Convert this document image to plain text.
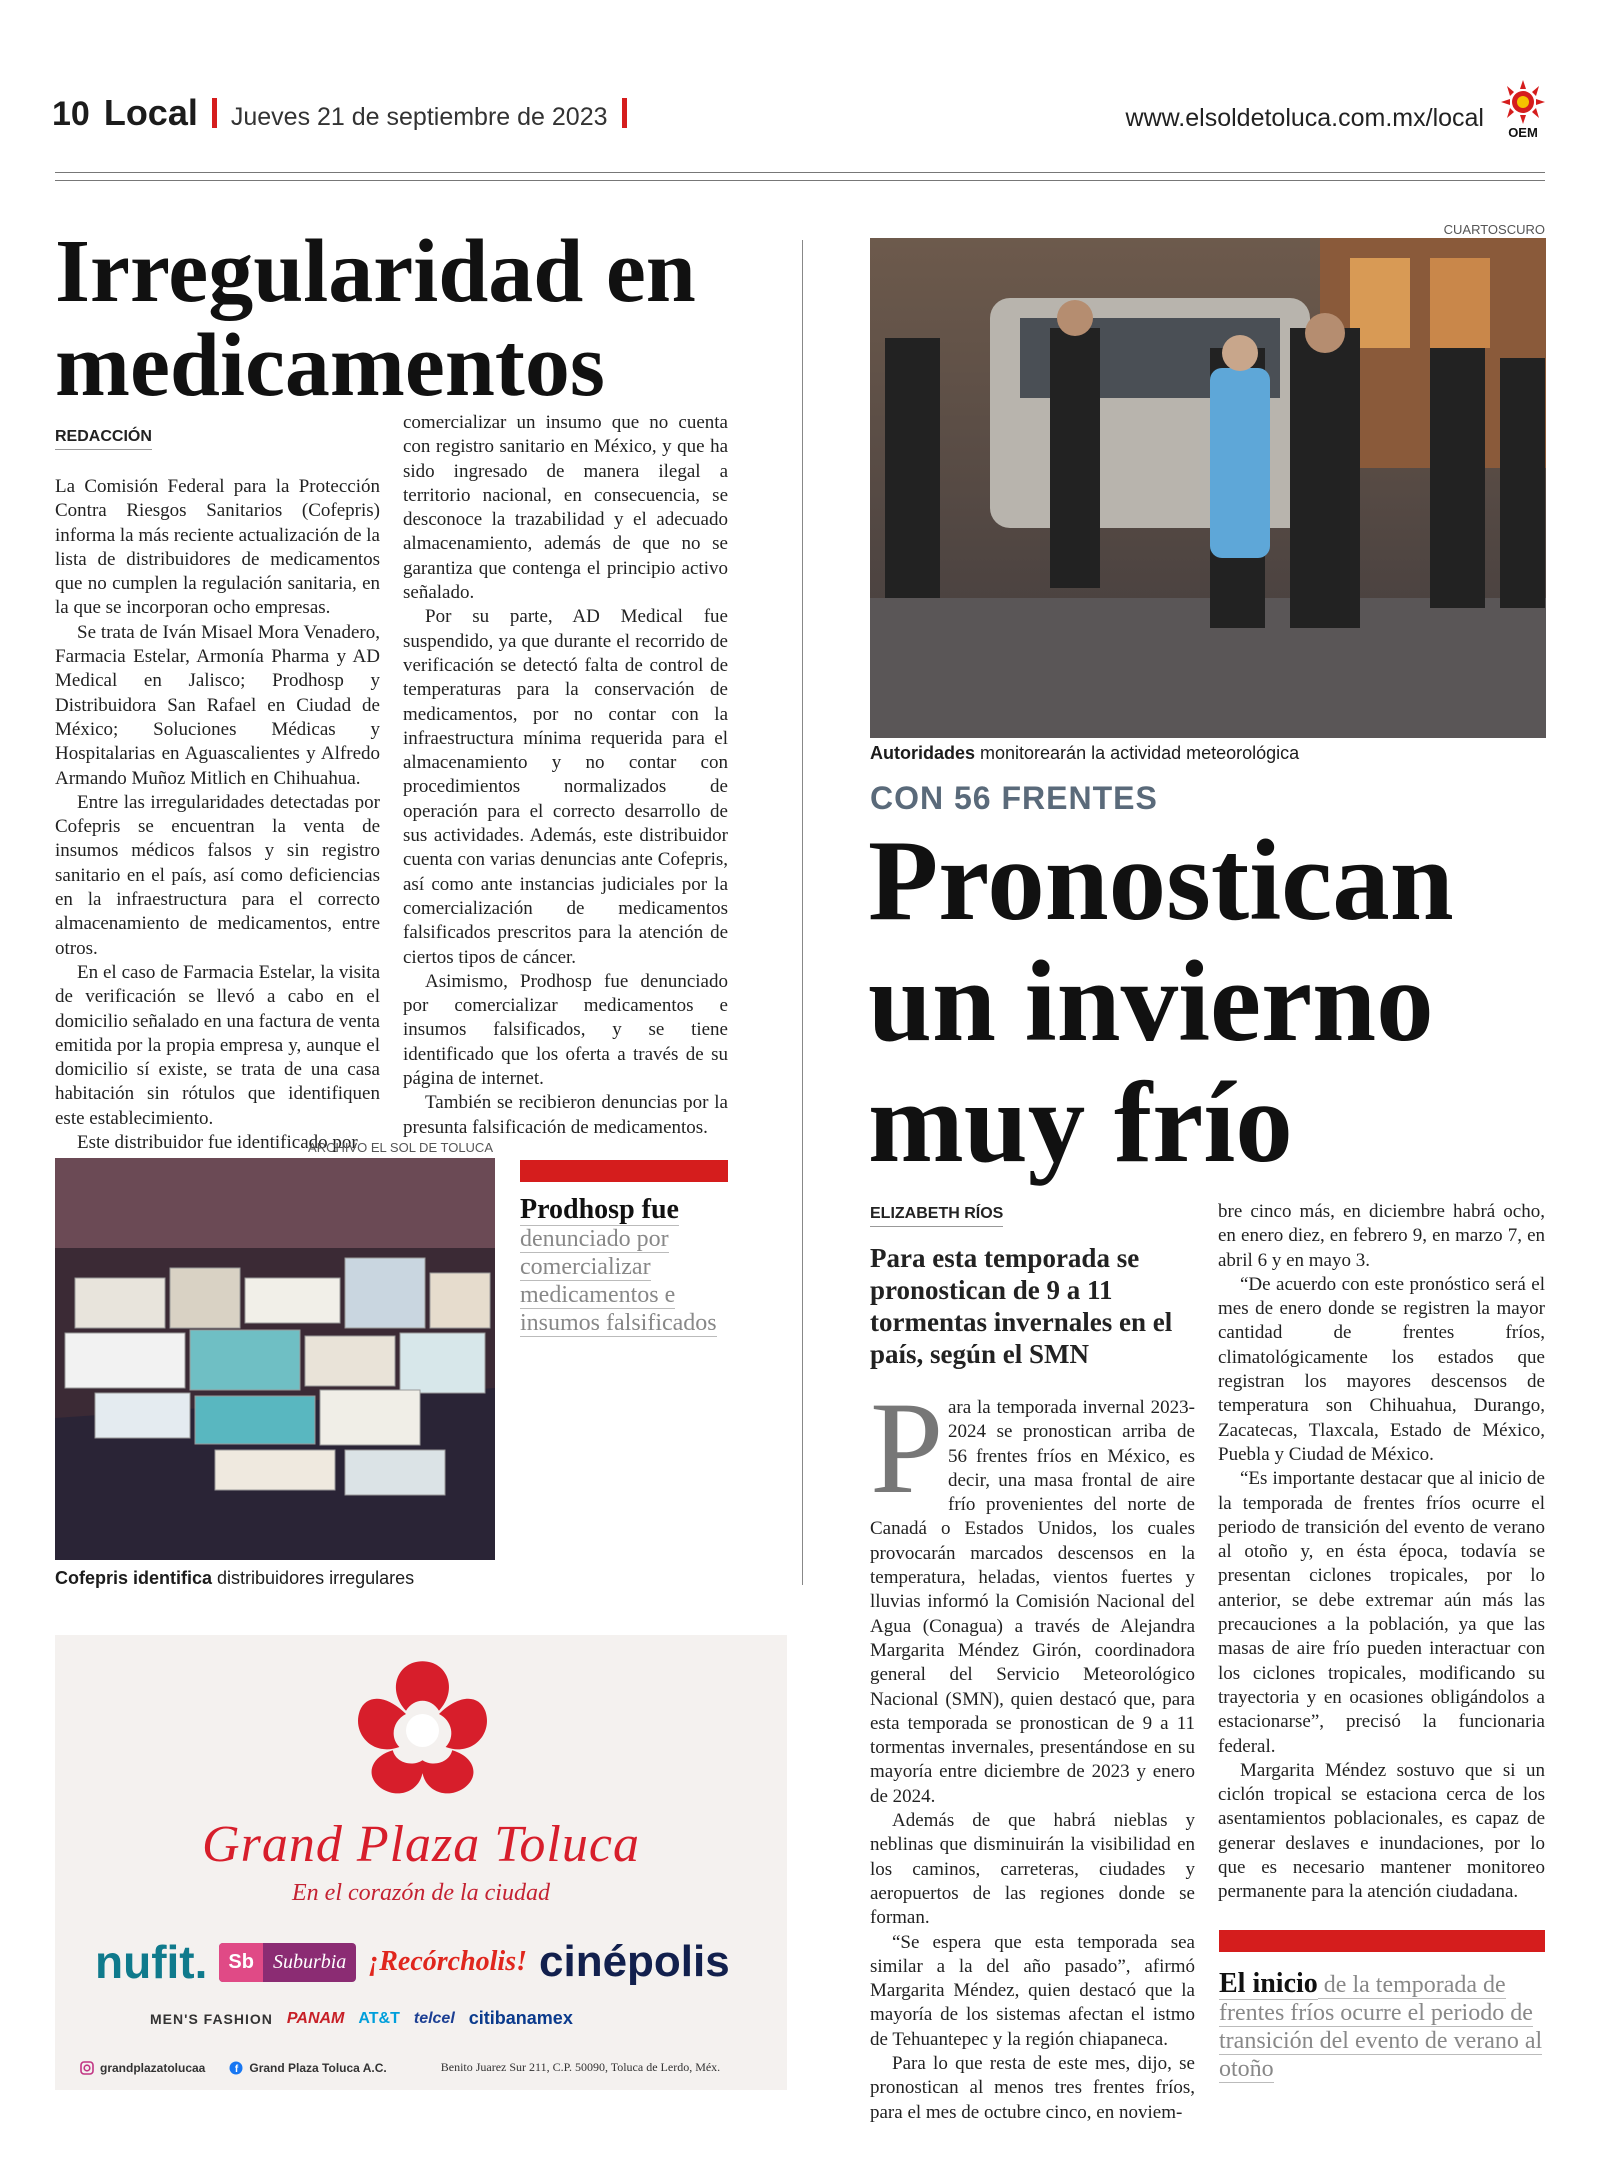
10 Local Jueves 21 de septiembre de 2023	www.elsoldetoluca.com.mx/local
OEM
Irregularidad en medicamentos
REDACCIÓN

La Comisión Federal para la Protección Contra Riesgos Sanitarios (Cofepris) informa la más reciente actualización de la lista de distribuidores de medicamentos que no cumplen la regulación sanitaria, en la que se incorporan ocho empresas.

Se trata de Iván Misael Mora Venadero, Farmacia Estelar, Armonía Pharma y AD Medical en Jalisco; Prodhosp y Distribuidora San Rafael en Ciudad de México; Soluciones Médicas y Hospitalarias en Aguascalientes y Alfredo Armando Muñoz Mitlich en Chihuahua.

Entre las irregularidades detectadas por Cofepris se encuentran la venta de insumos médicos falsos y sin registro sanitario en el país, así como deficiencias en la infraestructura para el correcto almacenamiento de medicamentos, entre otros.

En el caso de Farmacia Estelar, la visita de verificación se llevó a cabo en el domicilio señalado en una factura de venta emitida por la propia empresa y, aunque el domicilio sí existe, se trata de una casa habitación sin rótulos que identifiquen este establecimiento.

Este distribuidor fue identificado por

comercializar un insumo que no cuenta con registro sanitario en México, y que ha sido ingresado de manera ilegal a territorio nacional, en consecuencia, se desconoce la trazabilidad y el adecuado almacenamiento, además de que no se garantiza que contenga el principio activo señalado.

Por su parte, AD Medical fue suspendido, ya que durante el recorrido de verificación se detectó falta de control de temperaturas para la conservación de medicamentos, por no contar con la infraestructura mínima requerida para el almacenamiento y no contar con procedimientos normalizados de operación para el correcto desarrollo de sus actividades. Además, este distribuidor cuenta con varias denuncias ante Cofepris, así como ante instancias judiciales por la comercialización de medicamentos falsificados prescritos para la atención de ciertos tipos de cáncer.

Asimismo, Prodhosp fue denunciado por comercializar medicamentos e insumos falsificados, y se tiene identificado que los oferta a través de su página de internet.

También se recibieron denuncias por la presunta falsificación de medicamentos.

ARCHIVO EL SOL DE TOLUCA
Cofepris identifica distribuidores irregulares
Prodhosp fue denunciado por comercializar medicamentos e insumos falsificados
Grand Plaza Toluca
En el corazón de la ciudad
nufit.	Sb Suburbia ¡Recórcholis! cinépolis
MEN'S FASHION PANAM AT&T telcel citibanamex
grandplazatolucaa	f Grand Plaza Toluca A.C.	Benito Juarez Sur 211, C.P. 50090, Toluca de Lerdo, Méx.
CUARTOSCURO
Autoridades monitorearán la actividad meteorológica
CON 56 FRENTES
Pronostican un invierno muy frío
ELIZABETH RÍOS
Para esta temporada se pronostican de 9 a 11 tormentas invernales en el país, según el SMN
P ara la temporada invernal 2023-2024 se pronostican arriba de 56 frentes fríos en México, es decir, una masa frontal de aire frío provenientes del norte de Canadá o Estados Unidos, los cuales provocarán marcados descensos en la temperatura, heladas, vientos fuertes y lluvias informó la Comisión Nacional del Agua (Conagua) a través de Alejandra Margarita Méndez Girón, coordinadora general del Servicio Meteorológico Nacional (SMN), quien destacó que, para esta temporada se pronostican de 9 a 11 tormentas invernales, presentándose en su mayoría entre diciembre de 2023 y enero de 2024.

Además de que habrá nieblas y neblinas que disminuirán la visibilidad en los caminos, carreteras, ciudades y aeropuertos de las regiones donde se forman.

“Se espera que esta temporada sea similar a la del año pasado”, afirmó Margarita Méndez, quien destacó que la mayoría de los sistemas afectan el istmo de Tehuantepec y la región chiapaneca.

Para lo que resta de este mes, dijo, se pronostican al menos tres frentes fríos, para el mes de octubre cinco, en noviem-

bre cinco más, en diciembre habrá ocho, en enero diez, en febrero 9, en marzo 7, en abril 6 y en mayo 3.

“De acuerdo con este pronóstico será el mes de enero donde se registren la mayor cantidad de frentes fríos, climatológicamente los estados que registran los mayores descensos de temperatura son Chihuahua, Durango, Zacatecas, Tlaxcala, Estado de México, Puebla y Ciudad de México.

“Es importante destacar que al inicio de la temporada de frentes fríos ocurre el periodo de transición del evento de verano al otoño y, en ésta época, todavía se presentan ciclones tropicales, por lo anterior, se debe extremar aún más las precauciones a la población, ya que las masas de aire frío pueden interactuar con los ciclones tropicales, modificando su trayectoria y en ocasiones obligándolos a estacionarse”, precisó la funcionaria federal.

Margarita Méndez sostuvo que si un ciclón tropical se estaciona cerca de los asentamientos poblacionales, es capaz de generar deslaves e inundaciones, por lo que es necesario mantener monitoreo permanente para la atención ciudadana.

El inicio de la temporada de frentes fríos ocurre el periodo de transición del evento de verano al otoño
